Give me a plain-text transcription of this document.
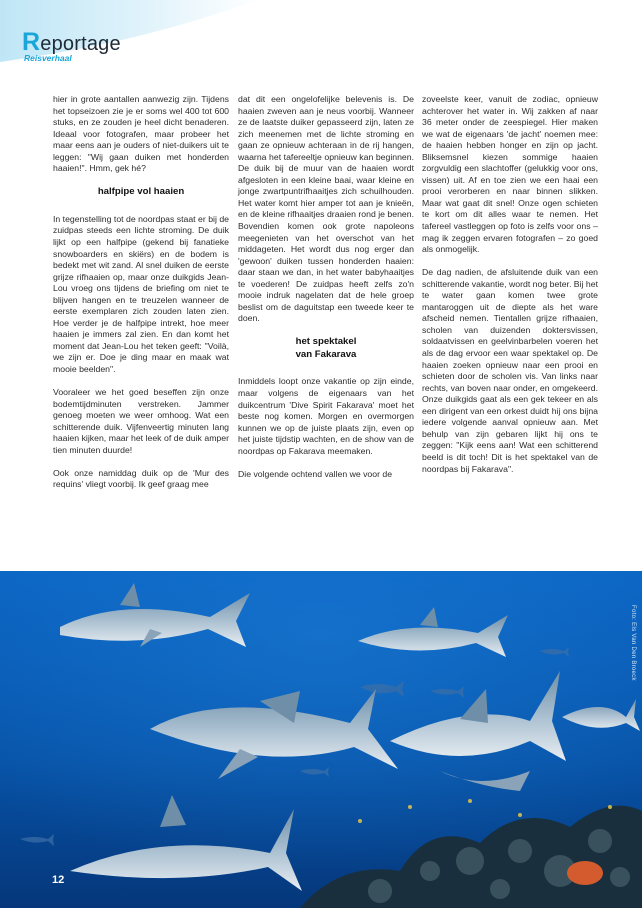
Reportage
Reisverhaal

hier in grote aantallen aanwezig zijn. Tijdens het topseizoen zie je er soms wel 400 tot 600 stuks, en ze zouden je heel dicht benaderen. Ideaal voor fotografen, maar probeer het maar eens aan je ouders of niet-duikers uit te leggen: "Wij gaan duiken met honderden haaien!". Hmm, gek hé?

halfpipe vol haaien

In tegenstelling tot de noordpas staat er bij de zuidpas steeds een lichte stroming. De duik lijkt op een halfpipe (gekend bij fanatieke snowboarders en skiërs) en de bodem is bedekt met wit zand. Al snel duiken de eerste grijze rifhaaien op, maar onze duikgids Jean-Lou vroeg ons tijdens de briefing om niet te blijven hangen en te treuzelen wanneer de eerste exemplaren zich zouden laten zien. Hoe verder je de halfpipe intrekt, hoe meer haaien je immers zal zien. En dan komt het moment dat Jean-Lou het teken geeft: "Voilà, we zijn er. Doe je ding maar en maak wat mooie beelden".

Vooraleer we het goed beseffen zijn onze bodemtijdminuten verstreken. Jammer genoeg moeten we weer omhoog. Wat een schitterende duik. Vijfenveertig minuten lang haaien kijken, maar het leek of de duik amper tien minuten duurde!

Ook onze namiddag duik op de 'Mur des requins' vliegt voorbij. Ik geef graag mee

dat dit een ongelofelijke belevenis is. De haaien zweven aan je neus voorbij. Wanneer ze de laatste duiker gepasseerd zijn, laten ze zich meenemen met de lichte stroming en gaan ze opnieuw achteraan in de rij hangen, waarna het tafereeltje opnieuw kan beginnen. De duik bij de muur van de haaien wordt afgesloten in een kleine baai, waar kleine en jonge zwartpuntrifhaaitjes zich schuilhouden. Het water komt hier amper tot aan je knieën, en de kleine rifhaaitjes draaien rond je benen. Bovendien komen ook grote napoleons meegenieten van het overschot van het middageten. Het wordt dus nog erger dan 'gewoon' duiken tussen honderden haaien: daar staan we dan, in het water babyhaaitjes te voederen! De zuidpas heeft zelfs zo'n mooie indruk nagelaten dat de hele groep beslist om de daguitstap een tweede keer te doen.

het spektakel
van Fakarava

Inmiddels loopt onze vakantie op zijn einde, maar volgens de eigenaars van het duikcentrum 'Dive Spirit Fakarava' moet het beste nog komen. Morgen en overmorgen kunnen we op de juiste plaats zijn, even op het juiste tijdstip wachten, en de show van de noordpas op Fakarava meemaken.

Die volgende ochtend vallen we voor de

zoveelste keer, vanuit de zodiac, opnieuw achterover het water in. Wij zakken af naar 36 meter onder de zeespiegel. Hier maken we wat de eigenaars 'de jacht' noemen mee: de haaien hebben honger en zijn op jacht. Bliksemsnel kiezen sommige haaien zorgvuldig een slachtoffer (gelukkig voor ons, vissen) uit. Af en toe zien we een haai een prooi verorberen en naar binnen slikken. Maar wat gaat dit snel! Onze ogen schieten te kort om dit alles waar te nemen. Het tafereel vastleggen op foto is zelfs voor ons – mag ik zeggen ervaren fotografen – zo goed als onmogelijk.

De dag nadien, de afsluitende duik van een schitterende vakantie, wordt nog beter. Bij het te water gaan komen twee grote mantaroggen uit de diepte als het ware afscheid nemen. Tientallen grijze rifhaaien, scholen van duizenden doktersvissen, soldaatvissen en geelvinbarbelen voeren het als de dag ervoor een waar spektakel op. De haaien zoeken opnieuw naar een prooi en schieten door de scholen vis. Van links naar rechts, van boven naar onder, en omgekeerd. Onze duikgids gaat als een gek tekeer en als een dirigent van een orkest duidt hij ons bijna iedere volgende aanval opnieuw aan. Met behulp van zijn gebaren lijkt hij ons te zeggen: "Kijk eens aan! Wat een schitterend beeld is dit toch! Dit is het spektakel van de noordpas bij Fakarava".

Foto: Els Van Den Broeck
12
